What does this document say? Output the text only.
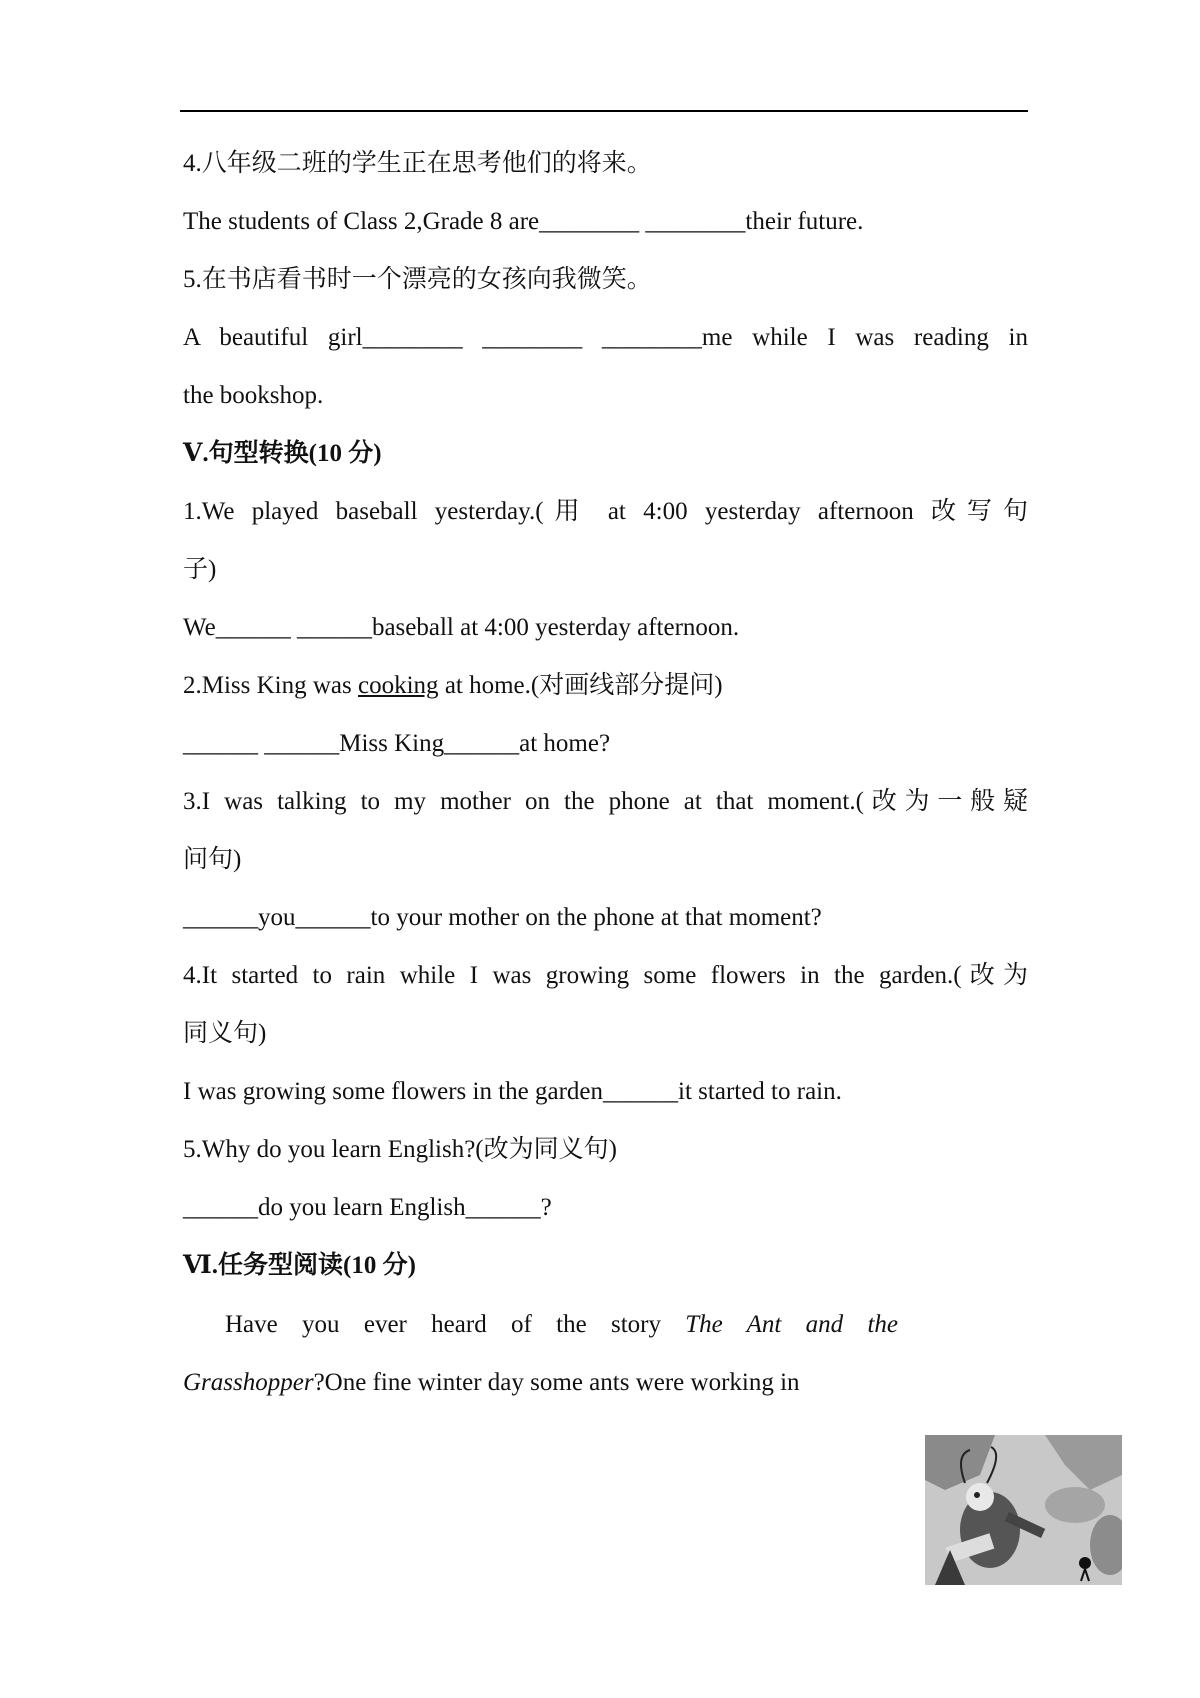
4.八年级二班的学生正在思考他们的将来。
The students of Class 2,Grade 8 are________ ________their future.
5.在书店看书时一个漂亮的女孩向我微笑。
A beautiful girl________ ________ ________me while I was reading in
the bookshop.
Ⅴ.句型转换(10 分)
1.We played baseball yesterday.(用 at 4:00 yesterday afternoon 改写句
子)
We______ ______baseball at 4:00 yesterday afternoon.
2.Miss King was cooking at home.(对画线部分提问)
______ ______Miss King______at home?
3.I was talking to my mother on the phone at that moment.(改为一般疑
问句)
______you______to your mother on the phone at that moment?
4.It started to rain while I was growing some flowers in the garden.(改为
同义句)
I was growing some flowers in the garden______it started to rain.
5.Why do you learn English?(改为同义句)
______do you learn English______?
Ⅵ.任务型阅读(10 分)
Have you ever heard of the story The Ant and the
Grasshopper?One fine winter day some ants were working in
